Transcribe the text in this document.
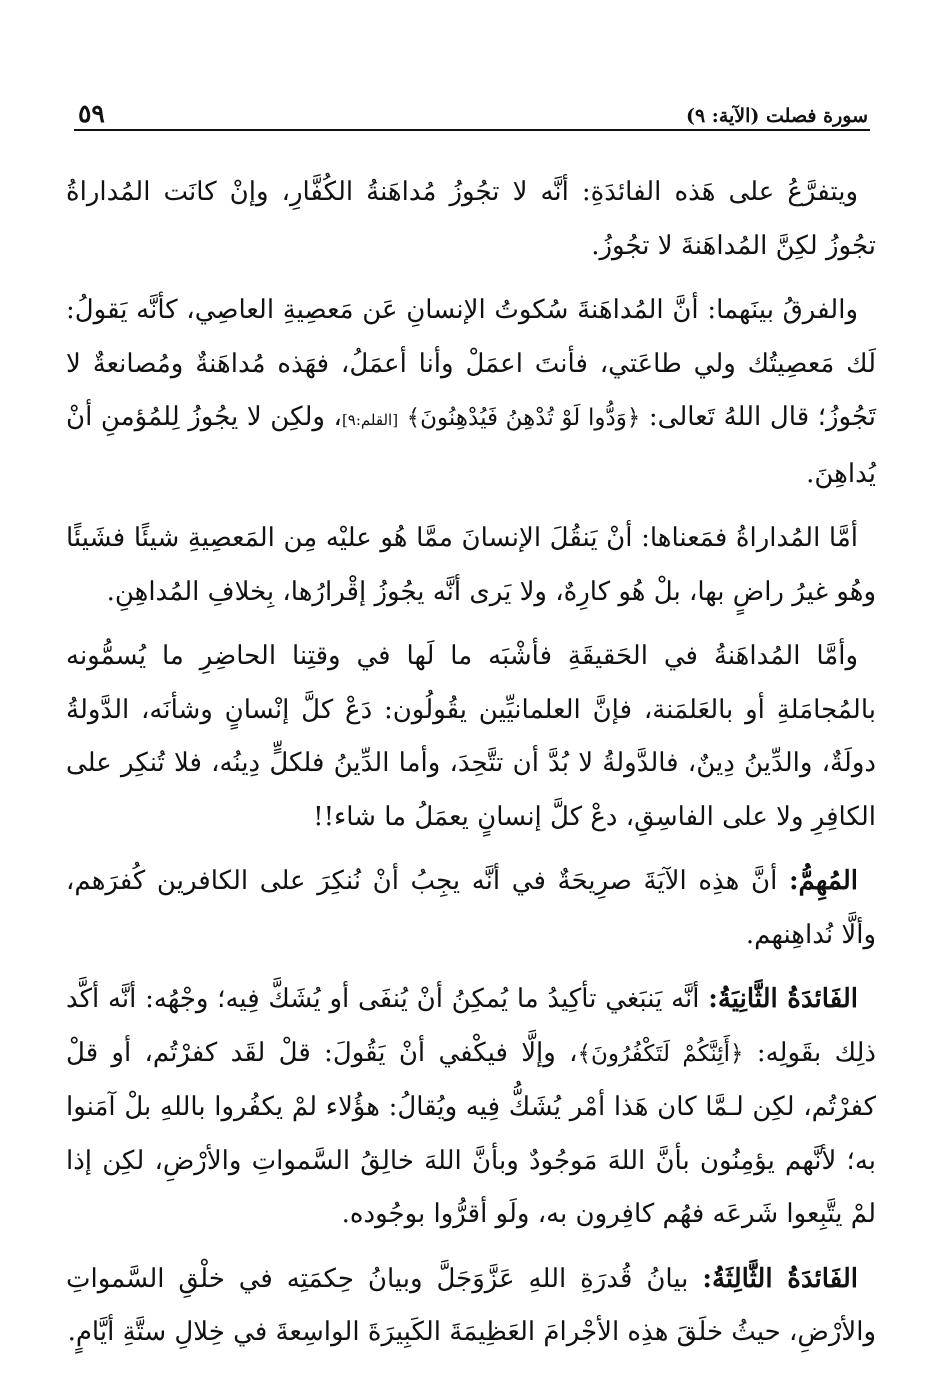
٥٩	سورة فصلت (الآية: ٩)

ويتفرَّعُ على هَذه الفائدَةِ: أنَّه لا تجُوزُ مُداهَنةُ الكُفَّارِ، وإنْ كانَت المُداراةُ تجُوزُ لكِنَّ المُداهَنةَ لا تجُوزُ.

والفرقُ بينَهما: أنَّ المُداهَنةَ سُكوتُ الإنسانِ عَن مَعصِيةِ العاصِي، كأنَّه يَقولُ: لَك مَعصِيتُك ولي طاعَتي، فأنتَ اعمَلْ وأنا أعمَلُ، فهَذه مُداهَنةٌ ومُصانعةٌ لا تَجُوزُ؛ قال اللهُ تَعالى: ﴿وَدُّوا لَوْ تُدْهِنُ فَيُدْهِنُونَ﴾ [القلم:٩]، ولكِن لا يجُوزُ لِلمُؤمنِ أنْ يُداهِنَ.

أمَّا المُداراةُ فمَعناها: أنْ يَنقُلَ الإنسانَ ممَّا هُو عليْه مِن المَعصِيةِ شيئًا فشَيئًا وهُو غيرُ راضٍ بها، بلْ هُو كارِهٌ، ولا يَرى أنَّه يجُوزُ إقْرارُها، بِخلافِ المُداهِنِ.

وأمَّا المُداهَنةُ في الحَقيقَةِ فأشْبَه ما لَها في وقتِنا الحاضِرِ ما يُسمُّونه بالمُجامَلةِ أو بالعَلمَنة، فإنَّ العلمانيِّين يقُولُون: دَعْ كلَّ إنْسانٍ وشأنَه، الدَّولةُ دولَةٌ، والدِّينُ دِينٌ، فالدَّولةُ لا بُدَّ أن تتَّحِدَ، وأما الدِّينُ فلكلٍّ دِينُه، فلا تُنكِر على الكافِرِ ولا على الفاسِقِ، دعْ كلَّ إنسانٍ يعمَلُ ما شاء!!

المُهِمُّ: أنَّ هذِه الآيَةَ صرِيحَةٌ في أنَّه يجِبُ أنْ نُنكِرَ على الكافرين كُفرَهم، وألَّا نُداهِنهم.

الفَائدَةُ الثَّانِيَةُ: أنَّه يَنبَغي تأكِيدُ ما يُمكِنُ أنْ يُنفَى أو يُشَكَّ فِيه؛ وجْهُه: أنَّه أكَّد ذلِك بقَولِه: ﴿أَئِنَّكُمْ لَتَكْفُرُونَ﴾، وإلَّا فيكْفي أنْ يَقُولَ: قلْ لقَد كفرْتُم، أو قلْ كفرْتُم، لكِن لـمَّا كان هَذا أمْر يُشَكُّ فِيه ويُقالُ: هؤُلاء لمْ يكفُروا باللهِ بلْ آمَنوا به؛ لأنَّهم يؤمِنُون بأنَّ اللهَ مَوجُودٌ وبأنَّ اللهَ خالِقُ السَّمواتِ والأرْضِ، لكِن إذا لمْ يتَّبِعوا شَرعَه فهُم كافِرون به، ولَو أقرُّوا بوجُوده.

الفَائدَةُ الثَّالِثَةُ: بيانُ قُدرَةِ اللهِ عَزَّوَجَلَّ وبيانُ حِكمَتِه في خلْقِ السَّمواتِ والأرْضِ، حيثُ خلَقَ هذِه الأجْرامَ العَظِيمَةَ الكَبِيرَةَ الواسِعةَ في خِلالِ ستَّةِ أيَّامٍ.
